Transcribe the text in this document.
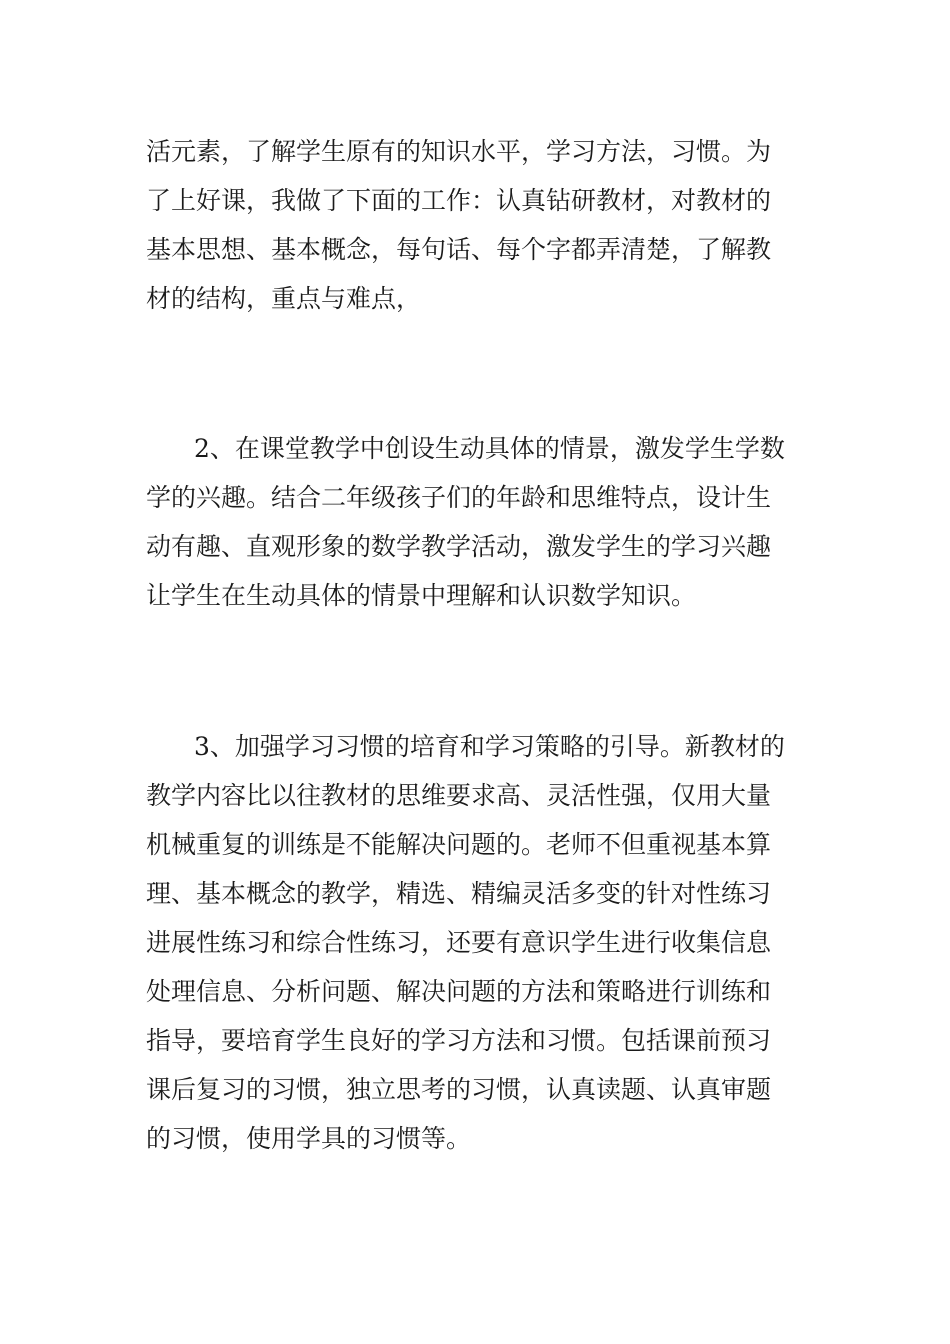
活元素，了解学生原有的知识水平，学习方法，习惯。为
了上好课，我做了下面的工作：认真钻研教材，对教材的
基本思想、基本概念，每句话、每个字都弄清楚，了解教
材的结构，重点与难点，
2、在课堂教学中创设生动具体的情景，激发学生学数
学的兴趣。结合二年级孩子们的年龄和思维特点，设计生
动有趣、直观形象的数学教学活动，激发学生的学习兴趣
让学生在生动具体的情景中理解和认识数学知识。
3、加强学习习惯的培育和学习策略的引导。新教材的
教学内容比以往教材的思维要求高、灵活性强，仅用大量
机械重复的训练是不能解决问题的。老师不但重视基本算
理、基本概念的教学，精选、精编灵活多变的针对性练习
进展性练习和综合性练习，还要有意识学生进行收集信息
处理信息、分析问题、解决问题的方法和策略进行训练和
指导，要培育学生良好的学习方法和习惯。包括课前预习
课后复习的习惯，独立思考的习惯，认真读题、认真审题
的习惯，使用学具的习惯等。
